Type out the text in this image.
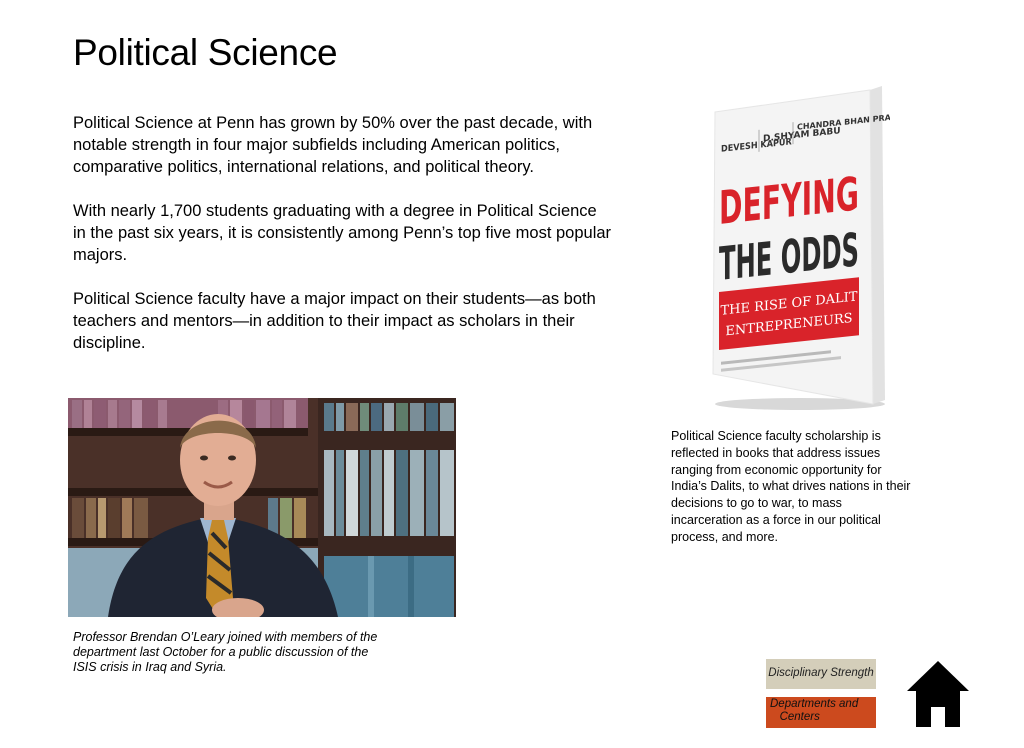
Political Science

Political Science at Penn has grown by 50% over the past decade, with notable strength in four major subfields including American politics, comparative politics, international relations, and political theory.

With nearly 1,700 students graduating with a degree in Political Science in the past six years, it is consistently among Penn’s top five most popular majors.

Political Science faculty have a major impact on their students—as both teachers and mentors—in addition to their impact as scholars in their discipline.

Professor Brendan O’Leary joined with members of the department last October for a public discussion of the ISIS crisis in Iraq and Syria.
DEVESH KAPUR
D.SHYAM BABU
CHANDRA BHAN PRASAD
DEFYING
THE
THE RISE OF DALIT
ENTREPRENEURS
Political Science faculty scholarship is reflected in books that address issues ranging from economic opportunity for India’s Dalits, to what drives nations in their decisions to go to war, to mass incarceration as a force in our political process, and more.
Disciplinary Strength
Departments and
Centers
